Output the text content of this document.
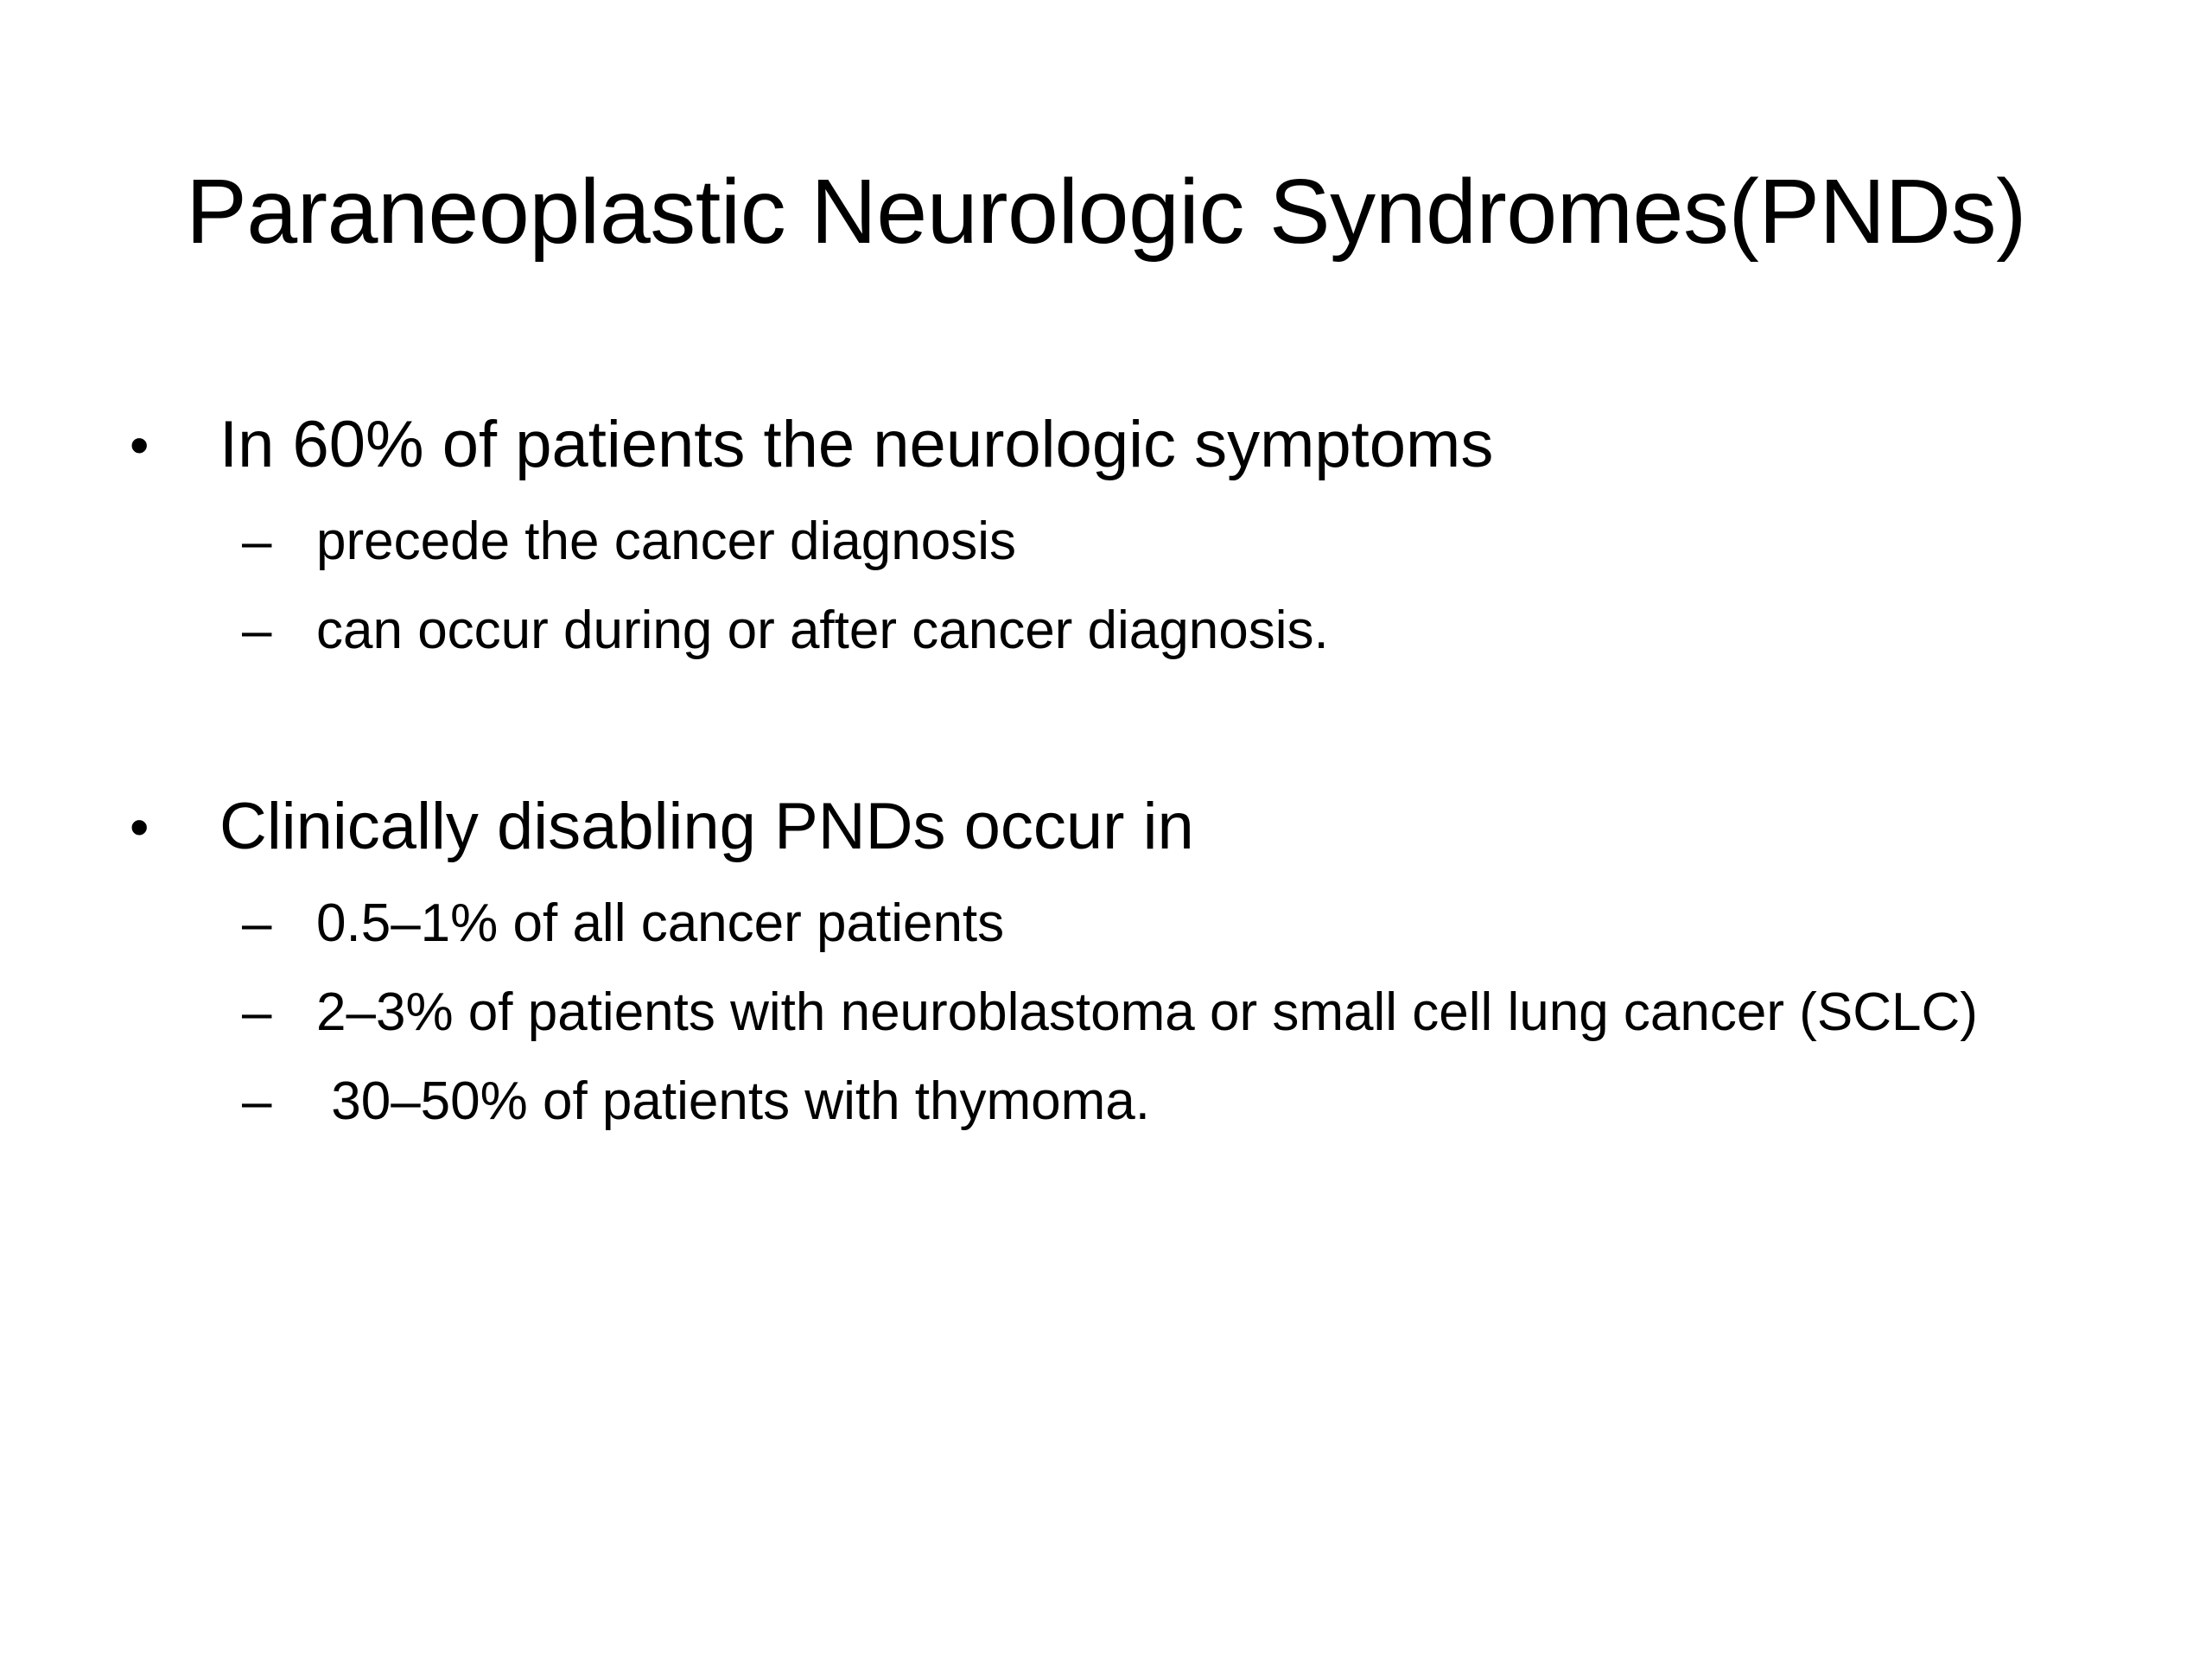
Paraneoplastic Neurologic Syndromes(PNDs)
• In 60% of patients the neurologic symptoms
– precede the cancer diagnosis
– can occur during or after cancer diagnosis.
• Clinically disabling PNDs occur in
– 0.5–1% of all cancer patients
– 2–3% of patients with neuroblastoma or small cell lung cancer (SCLC)
– 30–50% of patients with thymoma.
